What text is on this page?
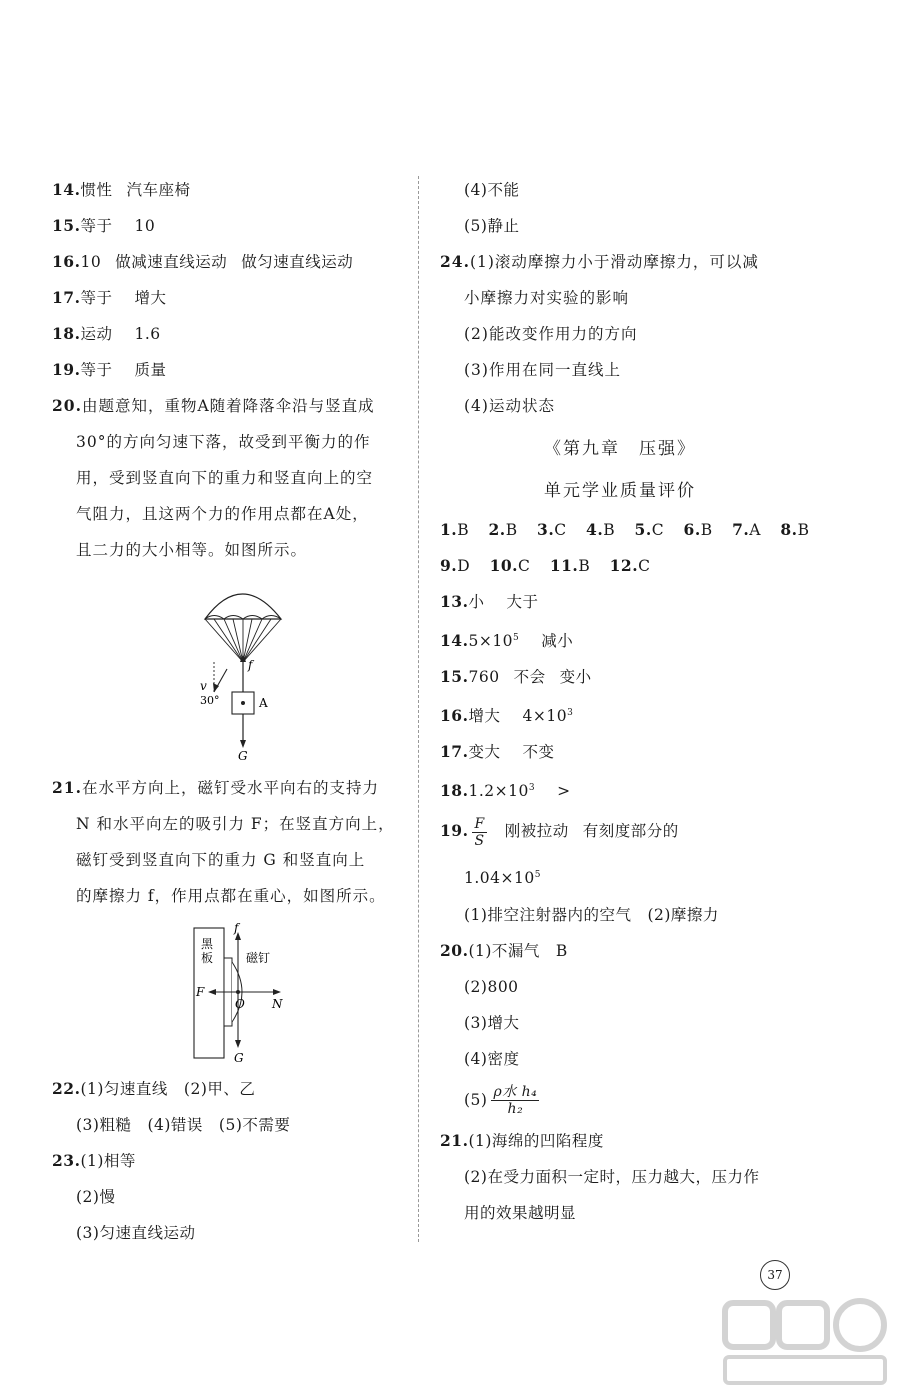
14.惯性 汽车座椅
15.等于 10
16.10 做减速直线运动 做匀速直线运动
17.等于 增大
18.运动 1.6
19.等于 质量
20.由题意知，重物A随着降落伞沿与竖直成
30°的方向匀速下落，故受到平衡力的作
用，受到竖直向下的重力和竖直向上的空
气阻力，且这两个力的作用点都在A处，
且二力的大小相等。如图所示。
f
A
G
v
30°
21.在水平方向上，磁钉受水平向右的支持力
N 和水平向左的吸引力 F；在竖直方向上，
磁钉受到竖直向下的重力 G 和竖直向上
的摩擦力 f，作用点都在重心，如图所示。
黑
板
f
磁钉
F
N
O
G
22.(1)匀速直线　(2)甲、乙
(3)粗糙　(4)错误　(5)不需要
23.(1)相等
(2)慢
(3)匀速直线运动
(4)不能
(5)静止
24.(1)滚动摩擦力小于滑动摩擦力，可以减
小摩擦力对实验的影响
(2)能改变作用力的方向
(3)作用在同一直线上
(4)运动状态
《第九章　压强》
单元学业质量评价
1.B 2.B 3.C 4.B 5.C 6.B 7.A 8.B
9.D 10.C 11.B 12.C
13.小 大于
$14.5\times 10^5$ 减小
15.760 不会 变小
16.增大 $4\times 10^3$
17.变大 不变
$18.1.2\times 10^3$ >
19. $\frac{F}{S}$ 刚被拉动 有刻度部分的
$1.04\times 10^5$
(1)排空注射器内的空气　(2)摩擦力
20.(1)不漏气　B
(2)800
(3)增大
(4)密度
$(5) \frac{\text{ρ水 h₄}}{\text{h₂}}$
21.(1)海绵的凹陷程度
(2)在受力面积一定时，压力越大，压力作
用的效果越明显
37
